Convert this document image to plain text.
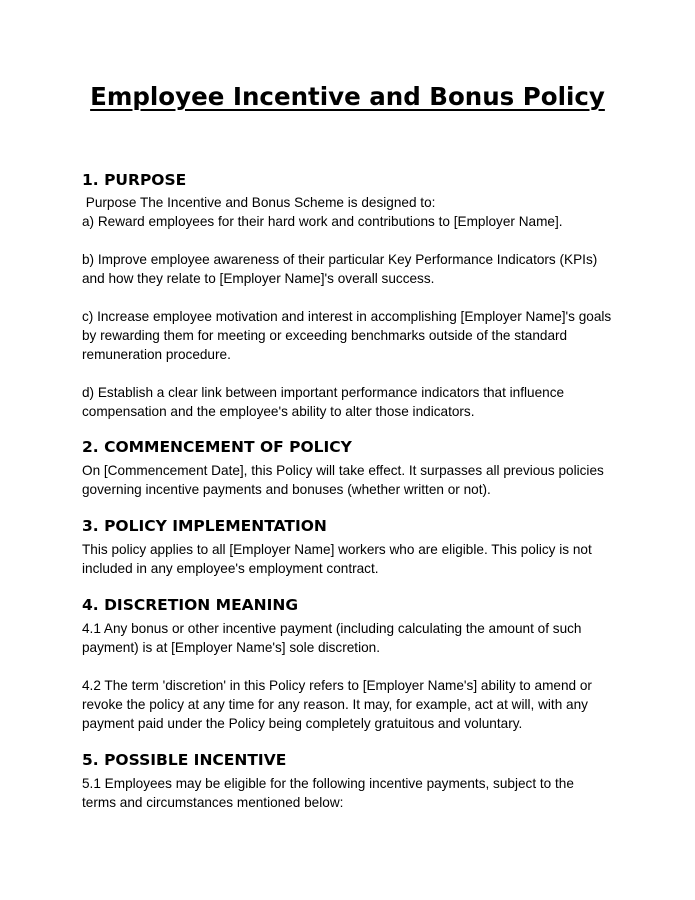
Employee Incentive and Bonus Policy
1. PURPOSE

Purpose The Incentive and Bonus Scheme is designed to:

a) Reward employees for their hard work and contributions to [Employer Name].

b) Improve employee awareness of their particular Key Performance Indicators (KPIs) and how they relate to [Employer Name]'s overall success.

c) Increase employee motivation and interest in accomplishing [Employer Name]'s goals by rewarding them for meeting or exceeding benchmarks outside of the standard remuneration procedure.

d) Establish a clear link between important performance indicators that influence compensation and the employee's ability to alter those indicators.

2. COMMENCEMENT OF POLICY

On [Commencement Date], this Policy will take effect. It surpasses all previous policies governing incentive payments and bonuses (whether written or not).

3. POLICY IMPLEMENTATION

This policy applies to all [Employer Name] workers who are eligible. This policy is not included in any employee's employment contract.

4. DISCRETION MEANING

4.1 Any bonus or other incentive payment (including calculating the amount of such payment) is at [Employer Name's] sole discretion.

4.2 The term 'discretion' in this Policy refers to [Employer Name's] ability to amend or revoke the policy at any time for any reason. It may, for example, act at will, with any payment paid under the Policy being completely gratuitous and voluntary.

5. POSSIBLE INCENTIVE

5.1 Employees may be eligible for the following incentive payments, subject to the terms and circumstances mentioned below:
